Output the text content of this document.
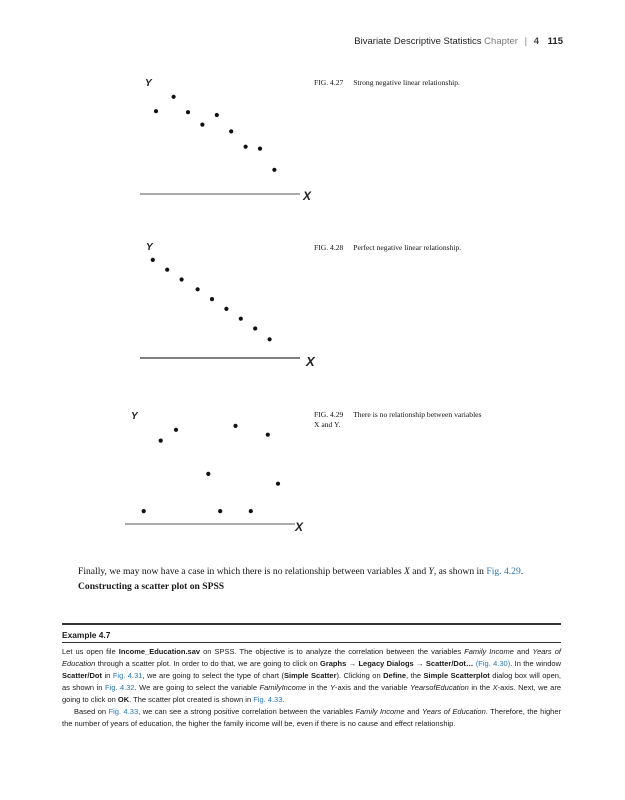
Bivariate Descriptive Statistics Chapter | 4 115
Y
X
FIG. 4.27 Strong negative linear relationship.
Y
X
FIG. 4.28 Perfect negative linear relationship.
Y
X
FIG. 4.29 There is no relationship between variables
X and Y.
Finally, we may now have a case in which there is no relationship between variables X and Y, as shown in Fig. 4.29.
Constructing a scatter plot on SPSS
Example 4.7

Let us open file Income_Education.sav on SPSS. The objective is to analyze the correlation between the variables Family Income and Years of Education through a scatter plot. In order to do that, we are going to click on Graphs → Legacy Dialogs → Scatter/Dot… (Fig. 4.30). In the window Scatter/Dot in Fig. 4.31, we are going to select the type of chart (Simple Scatter). Clicking on Define, the Simple Scatterplot dialog box will open, as shown in Fig. 4.32. We are going to select the variable FamilyIncome in the Y-axis and the variable YearsofEducation in the X-axis. Next, we are going to click on OK. The scatter plot created is shown in Fig. 4.33.

Based on Fig. 4.33, we can see a strong positive correlation between the variables Family Income and Years of Education. Therefore, the higher the number of years of education, the higher the family income will be, even if there is no cause and effect relationship.
